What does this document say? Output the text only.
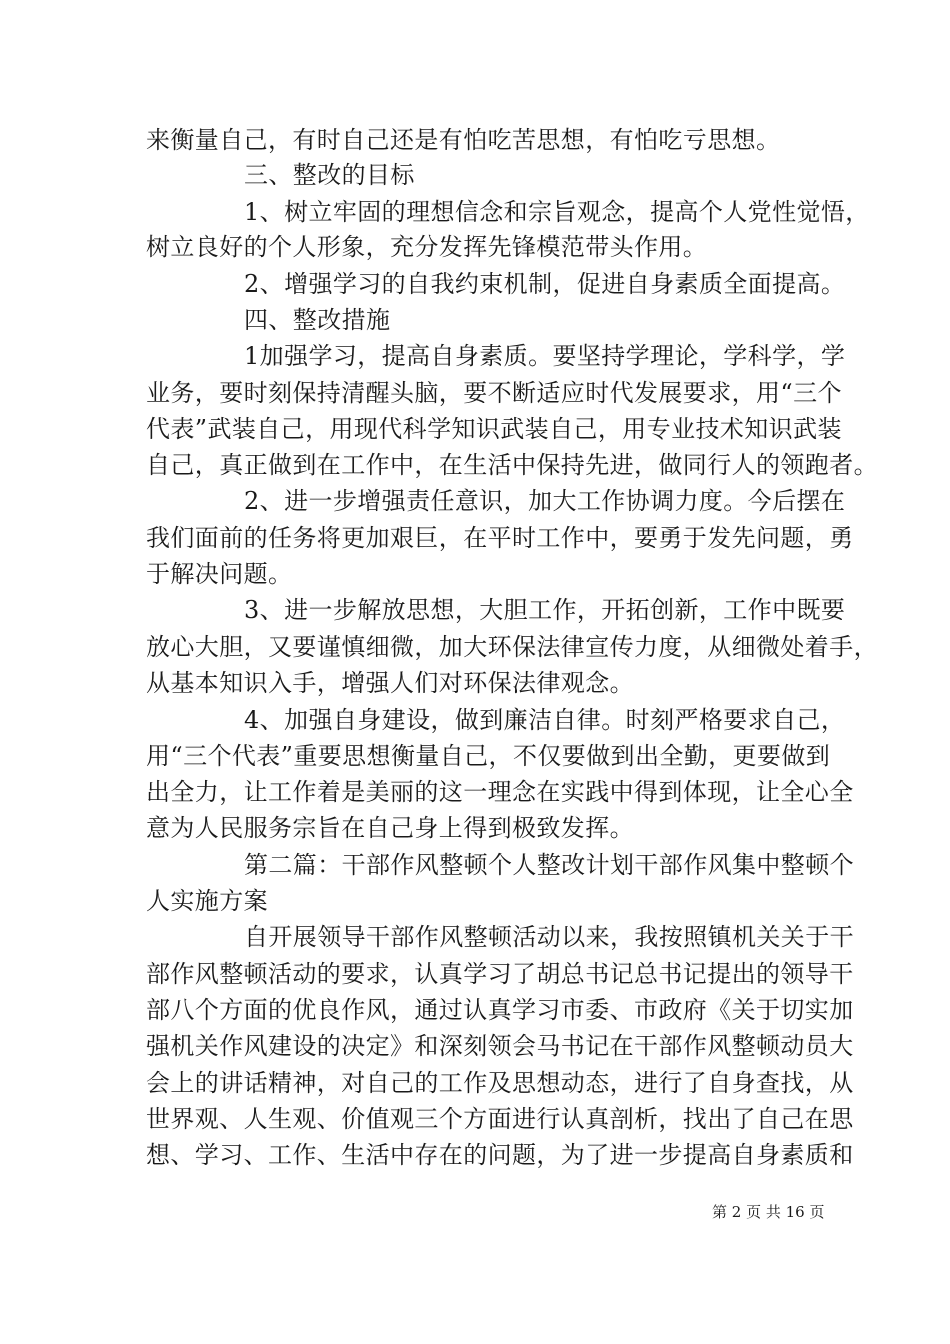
来衡量自己，有时自己还是有怕吃苦思想，有怕吃亏思想。
三、整改的目标
1、树立牢固的理想信念和宗旨观念，提高个人党性觉悟，
树立良好的个人形象，充分发挥先锋模范带头作用。
2、增强学习的自我约束机制，促进自身素质全面提高。
四、整改措施
1加强学习，提高自身素质。要坚持学理论，学科学，学
业务，要时刻保持清醒头脑，要不断适应时代发展要求，用“三个
代表”武装自己，用现代科学知识武装自己，用专业技术知识武装
自己，真正做到在工作中，在生活中保持先进，做同行人的领跑者。
2、进一步增强责任意识，加大工作协调力度。今后摆在
我们面前的任务将更加艰巨，在平时工作中，要勇于发先问题，勇
于解决问题。
3、进一步解放思想，大胆工作，开拓创新，工作中既要
放心大胆，又要谨慎细微，加大环保法律宣传力度，从细微处着手，
从基本知识入手，增强人们对环保法律观念。
4、加强自身建设，做到廉洁自律。时刻严格要求自己，
用“三个代表”重要思想衡量自己，不仅要做到出全勤，更要做到
出全力，让工作着是美丽的这一理念在实践中得到体现，让全心全
意为人民服务宗旨在自己身上得到极致发挥。
第二篇：干部作风整顿个人整改计划干部作风集中整顿个
人实施方案
自开展领导干部作风整顿活动以来，我按照镇机关关于干
部作风整顿活动的要求，认真学习了胡总书记总书记提出的领导干
部八个方面的优良作风，通过认真学习市委、市政府《关于切实加
强机关作风建设的决定》和深刻领会马书记在干部作风整顿动员大
会上的讲话精神，对自己的工作及思想动态，进行了自身查找，从
世界观、人生观、价值观三个方面进行认真剖析，找出了自己在思
想、学习、工作、生活中存在的问题，为了进一步提高自身素质和
第 2 页 共 16 页
